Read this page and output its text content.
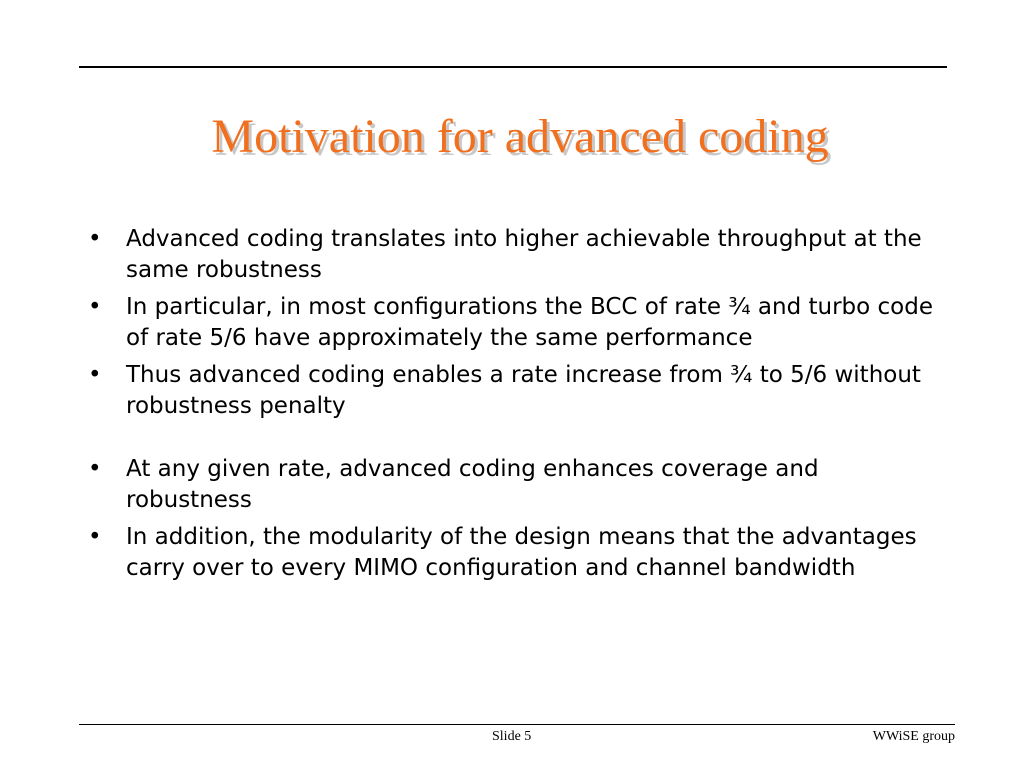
Motivation for advanced coding
• Advanced coding translates into higher achievable throughput at the same robustness
• In particular, in most configurations the BCC of rate ¾ and turbo code of rate 5/6 have approximately the same performance
• Thus advanced coding enables a rate increase from ¾ to 5/6 without robustness penalty
• At any given rate, advanced coding enhances coverage and robustness
• In addition, the modularity of the design means that the advantages carry over to every MIMO configuration and channel bandwidth
Slide 5	WWiSE group
